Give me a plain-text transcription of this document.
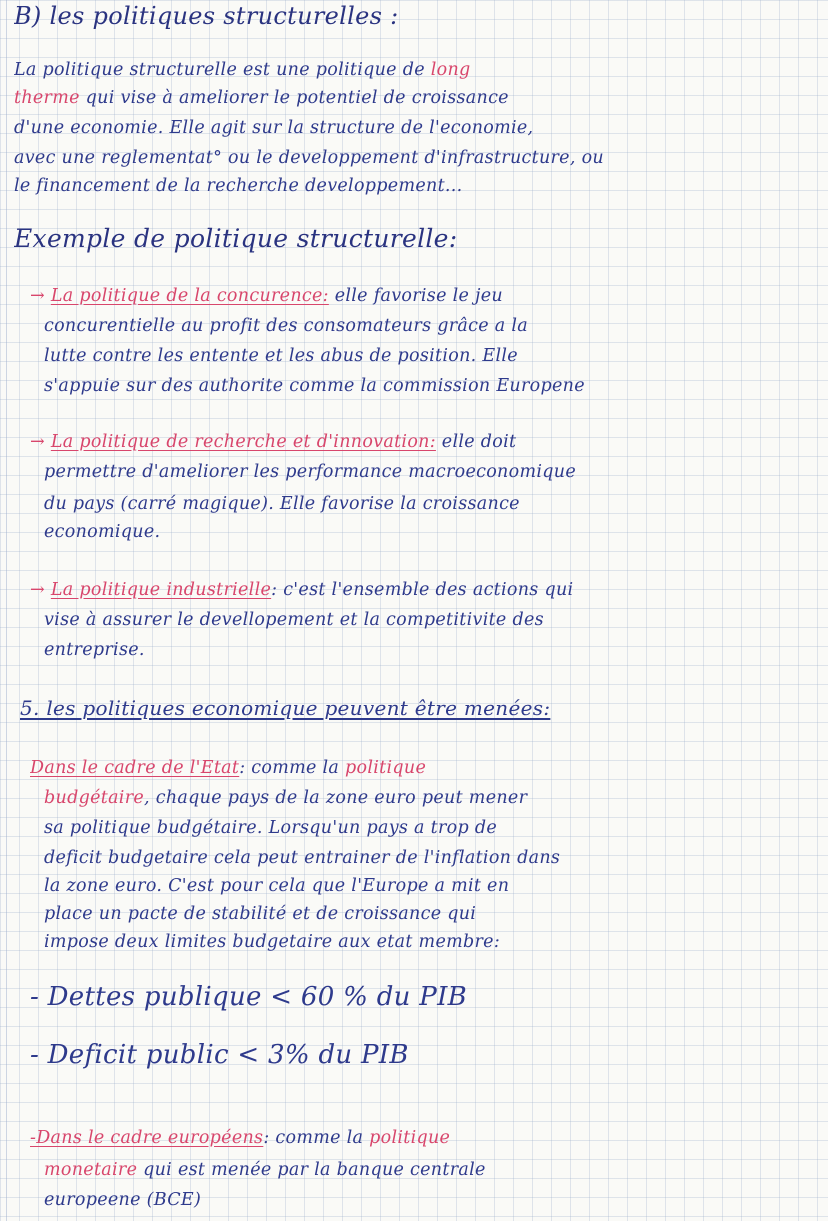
B) les politiques structurelles :
La politique structurelle est une politique de long
therme qui vise à ameliorer le potentiel de croissance
d'une economie. Elle agit sur la structure de l'economie,
avec une reglementat° ou le developpement d'infrastructure, ou
le financement de la recherche developpement...
Exemple de politique structurelle:
→ La politique de la concurence: elle favorise le jeu
concurentielle au profit des consomateurs grâce a la
lutte contre les entente et les abus de position. Elle
s'appuie sur des authorite comme la commission Europene
→ La politique de recherche et d'innovation: elle doit
permettre d'ameliorer les performance macroeconomique
du pays (carré magique). Elle favorise la croissance
economique.
→ La politique industrielle: c'est l'ensemble des actions qui
vise à assurer le devellopement et la competitivite des
entreprise.
5. les politiques economique peuvent être menées:
Dans le cadre de l'Etat: comme la politique
budgétaire, chaque pays de la zone euro peut mener
sa politique budgétaire. Lorsqu'un pays a trop de
deficit budgetaire cela peut entrainer de l'inflation dans
la zone euro. C'est pour cela que l'Europe a mit en
place un pacte de stabilité et de croissance qui
impose deux limites budgetaire aux etat membre:
- Dettes publique < 60 % du PIB
- Deficit public < 3% du PIB
-Dans le cadre européens: comme la politique
monetaire qui est menée par la banque centrale
europeene (BCE)
